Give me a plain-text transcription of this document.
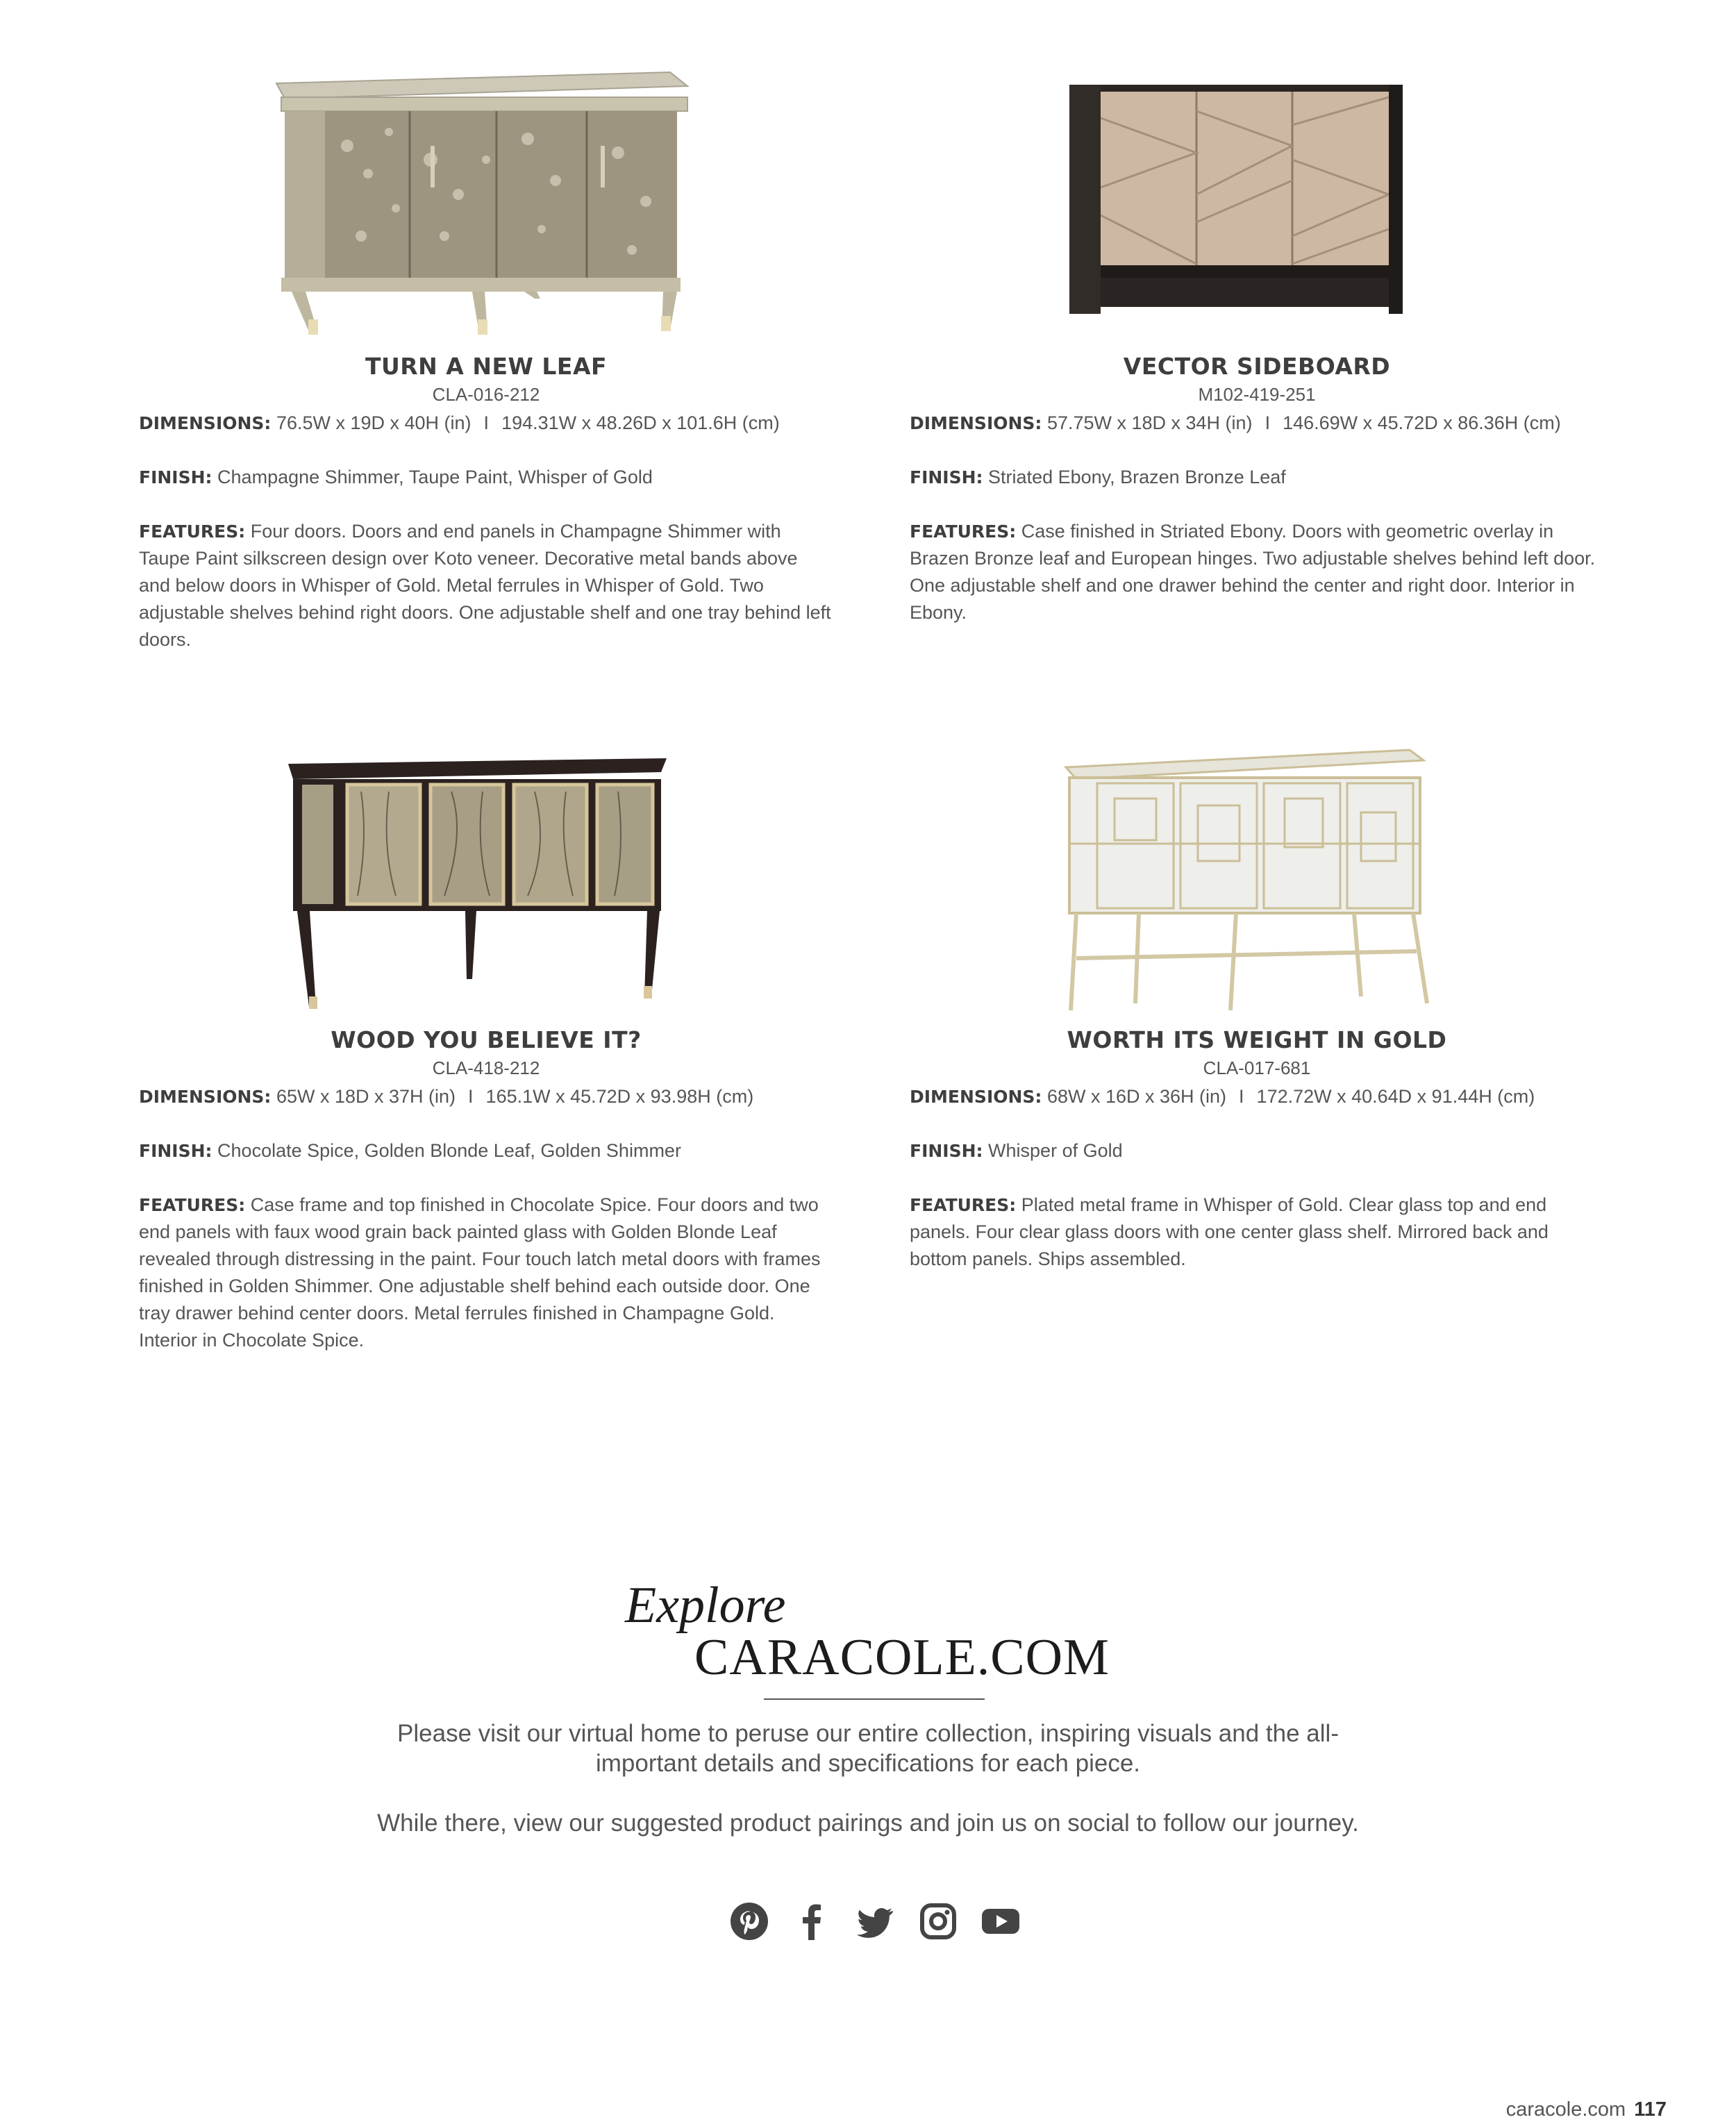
TURN A NEW LEAF
CLA-016-212

DIMENSIONS: 76.5W x 19D x 40H (in) I 194.31W x 48.26D x 101.6H (cm)

FINISH: Champagne Shimmer, Taupe Paint, Whisper of Gold

FEATURES: Four doors. Doors and end panels in Champagne Shimmer with Taupe Paint silkscreen design over Koto veneer. Decorative metal bands above and below doors in Whisper of Gold. Metal ferrules in Whisper of Gold. Two adjustable shelves behind right doors. One adjustable shelf and one tray behind left doors.

VECTOR SIDEBOARD
M102-419-251

DIMENSIONS: 57.75W x 18D x 34H (in) I 146.69W x 45.72D x 86.36H (cm)

FINISH: Striated Ebony, Brazen Bronze Leaf

FEATURES: Case finished in Striated Ebony. Doors with geometric overlay in Brazen Bronze leaf and European hinges. Two adjustable shelves behind left door. One adjustable shelf and one drawer behind the center and right door. Interior in Ebony.

WOOD YOU BELIEVE IT?
CLA-418-212

DIMENSIONS: 65W x 18D x 37H (in) I 165.1W x 45.72D x 93.98H (cm)

FINISH: Chocolate Spice, Golden Blonde Leaf, Golden Shimmer

FEATURES: Case frame and top finished in Chocolate Spice. Four doors and two end panels with faux wood grain back painted glass with Golden Blonde Leaf revealed through distressing in the paint. Four touch latch metal doors with frames finished in Golden Shimmer. One adjustable shelf behind each outside door. One tray drawer behind center doors. Metal ferrules finished in Champagne Gold. Interior in Chocolate Spice.

WORTH ITS WEIGHT IN GOLD
CLA-017-681

DIMENSIONS: 68W x 16D x 36H (in) I 172.72W x 40.64D x 91.44H (cm)

FINISH: Whisper of Gold

FEATURES: Plated metal frame in Whisper of Gold. Clear glass top and end panels. Four clear glass doors with one center glass shelf. Mirrored back and bottom panels. Ships assembled.

Explore
CARACOLE.COM
Please visit our virtual home to peruse our entire collection, inspiring visuals and the all-important details and specifications for each piece.
While there, view our suggested product pairings and join us on social to follow our journey.
caracole.com 117
